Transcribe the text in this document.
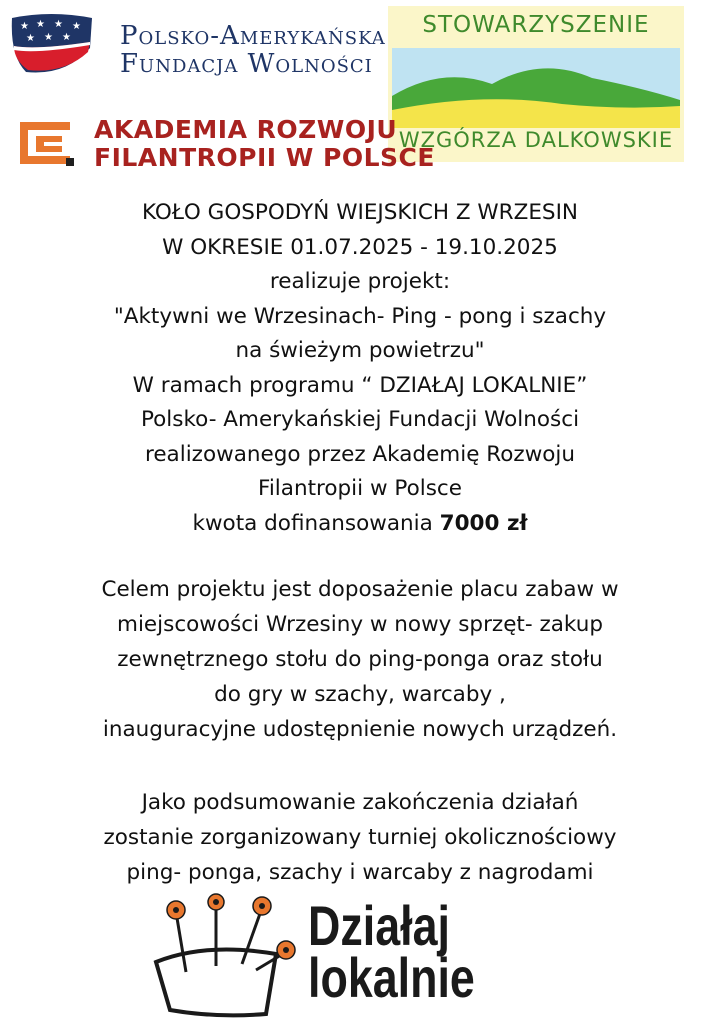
★ ★ ★ ★
★ ★ ★ Polsko-Amerykańska
Fundacja Wolności
STOWARZYSZENIE
WZGÓRZA DALKOWSKIE
AKADEMIA ROZWOJU
FILANTROPII W POLSCE
KOŁO GOSPODYŃ WIEJSKICH Z WRZESIN
W OKRESIE 01.07.2025 - 19.10.2025
realizuje projekt:
"Aktywni we Wrzesinach- Ping - pong i szachy
na świeżym powietrzu"
W ramach programu “ DZIAŁAJ LOKALNIE”
Polsko- Amerykańskiej Fundacji Wolności
realizowanego przez Akademię Rozwoju
Filantropii w Polsce
kwota dofinansowania 7000 zł
Celem projektu jest doposażenie placu zabaw w
miejscowości Wrzesiny w nowy sprzęt- zakup
zewnętrznego stołu do ping-ponga oraz stołu
do gry w szachy, warcaby ,
inauguracyjne udostępnienie nowych urządzeń.
Jako podsumowanie zakończenia działań
zostanie zorganizowany turniej okolicznościowy
ping- ponga, szachy i warcaby z nagrodami
Działaj
lokalnie
